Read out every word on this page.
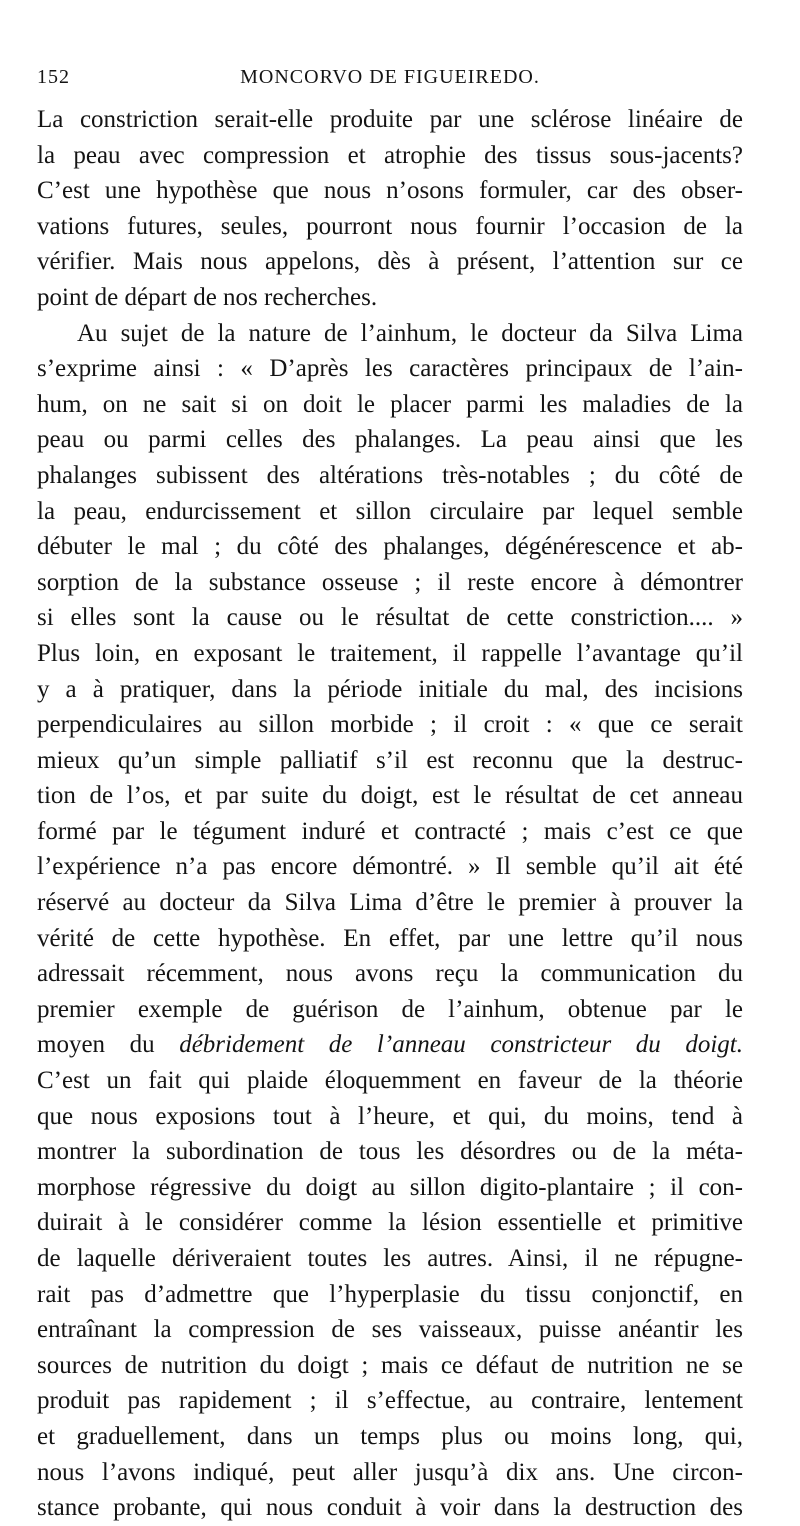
152	MONCORVO DE FIGUEIREDO.
La constriction serait-elle produite par une sclérose linéaire de
la peau avec compression et atrophie des tissus sous-jacents?
C’est une hypothèse que nous n’osons formuler, car des obser-
vations futures, seules, pourront nous fournir l’occasion de la
vérifier. Mais nous appelons, dès à présent, l’attention sur ce
point de départ de nos recherches.
Au sujet de la nature de l’ainhum, le docteur da Silva Lima
s’exprime ainsi : « D’après les caractères principaux de l’ain-
hum, on ne sait si on doit le placer parmi les maladies de la
peau ou parmi celles des phalanges. La peau ainsi que les
phalanges subissent des altérations très-notables ; du côté de
la peau, endurcissement et sillon circulaire par lequel semble
débuter le mal ; du côté des phalanges, dégénérescence et ab-
sorption de la substance osseuse ; il reste encore à démontrer
si elles sont la cause ou le résultat de cette constriction.... »
Plus loin, en exposant le traitement, il rappelle l’avantage qu’il
y a à pratiquer, dans la période initiale du mal, des incisions
perpendiculaires au sillon morbide ; il croit : « que ce serait
mieux qu’un simple palliatif s’il est reconnu que la destruc-
tion de l’os, et par suite du doigt, est le résultat de cet anneau
formé par le tégument induré et contracté ; mais c’est ce que
l’expérience n’a pas encore démontré. » Il semble qu’il ait été
réservé au docteur da Silva Lima d’être le premier à prouver la
vérité de cette hypothèse. En effet, par une lettre qu’il nous
adressait récemment, nous avons reçu la communication du
premier exemple de guérison de l’ainhum, obtenue par le
moyen du débridement de l’anneau constricteur du doigt.
C’est un fait qui plaide éloquemment en faveur de la théorie
que nous exposions tout à l’heure, et qui, du moins, tend à
montrer la subordination de tous les désordres ou de la méta-
morphose régressive du doigt au sillon digito-plantaire ; il con-
duirait à le considérer comme la lésion essentielle et primitive
de laquelle dériveraient toutes les autres. Ainsi, il ne répugne-
rait pas d’admettre que l’hyperplasie du tissu conjonctif, en
entraînant la compression de ses vaisseaux, puisse anéantir les
sources de nutrition du doigt ; mais ce défaut de nutrition ne se
produit pas rapidement ; il s’effectue, au contraire, lentement
et graduellement, dans un temps plus ou moins long, qui,
nous l’avons indiqué, peut aller jusqu’à dix ans. Une circon-
stance probante, qui nous conduit à voir dans la destruction des
